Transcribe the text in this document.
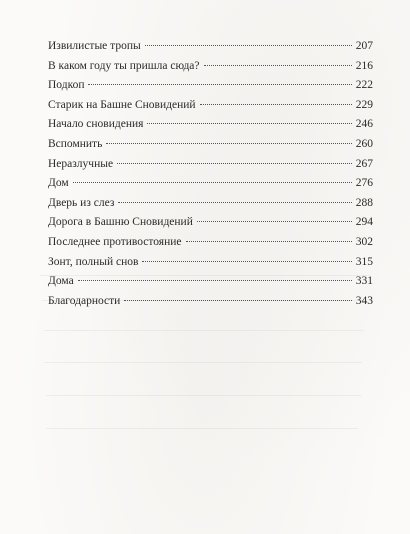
Извилистые тропы	207
В каком году ты пришла сюда?	216
Подкоп	222
Старик на Башне Сновидений	229
Начало сновидения	246
Вспомнить	260
Неразлучные	267
Дом	276
Дверь из слез	288
Дорога в Башню Сновидений	294
Последнее противостояние	302
Зонт, полный снов	315
Дома	331
Благодарности	343
